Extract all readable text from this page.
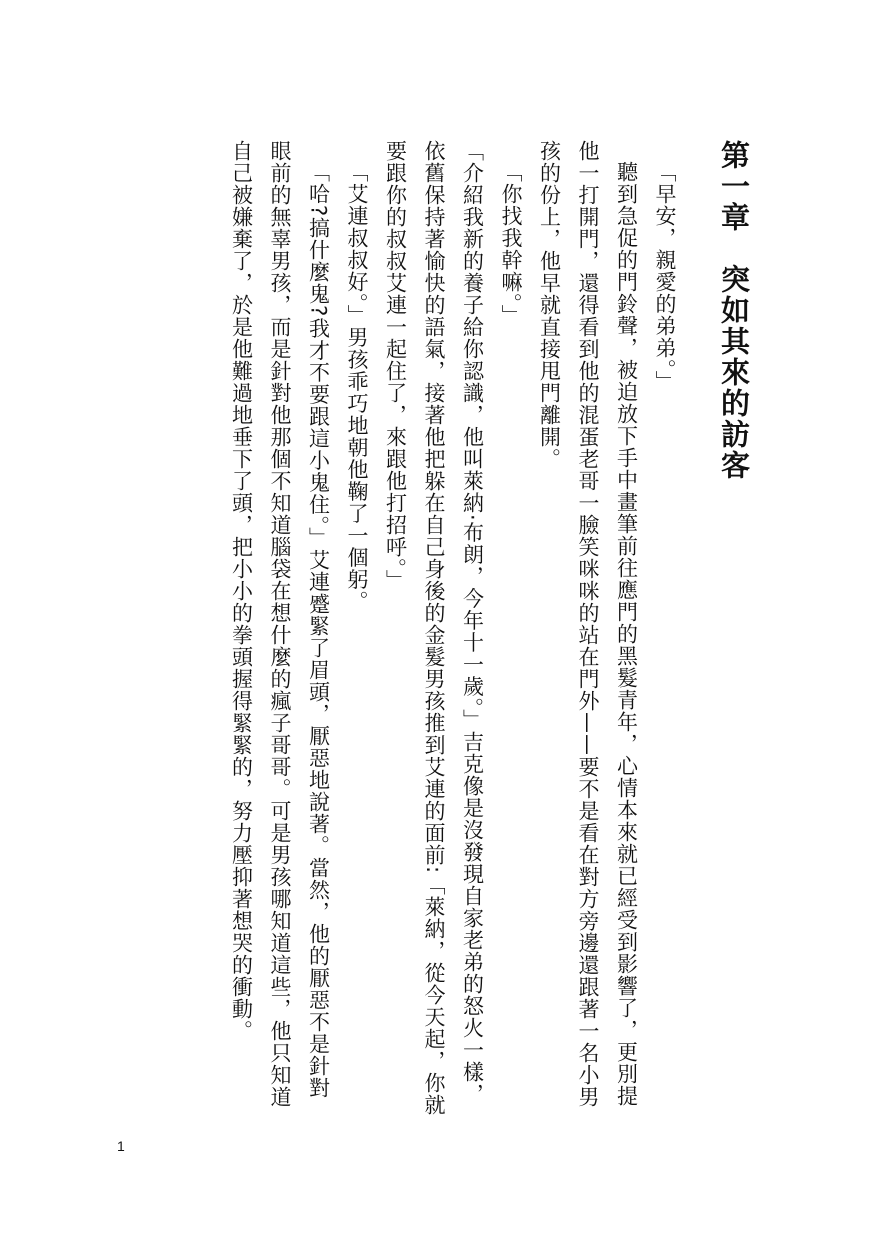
第一章　突如其來的訪客

「早安，親愛的弟弟。」

聽到急促的門鈴聲，被迫放下手中畫筆前往應門的黑髮青年，心情本來就已經受到影響了，更別提他一打開門，還得看到他的混蛋老哥一臉笑咪咪的站在門外——要不是看在對方旁邊還跟著一名小男孩的份上，他早就直接甩門離開。

「你找我幹嘛。」

「介紹我新的養子給你認識，他叫萊納·布朗，今年十一歲。」吉克像是沒發現自家老弟的怒火一樣，依舊保持著愉快的語氣，接著他把躲在自己身後的金髮男孩推到艾連的面前:「萊納，從今天起，你就要跟你的叔叔艾連一起住了，來跟他打招呼。」

「艾連叔叔好。」男孩乖巧地朝他鞠了一個躬。

「哈?搞什麼鬼?我才不要跟這小鬼住。」艾連蹙緊了眉頭，厭惡地說著。當然，他的厭惡不是針對眼前的無辜男孩，而是針對他那個不知道腦袋在想什麼的瘋子哥哥。可是男孩哪知道這些，他只知道自己被嫌棄了，於是他難過地垂下了頭，把小小的拳頭握得緊緊的，努力壓抑著想哭的衝動。

1
